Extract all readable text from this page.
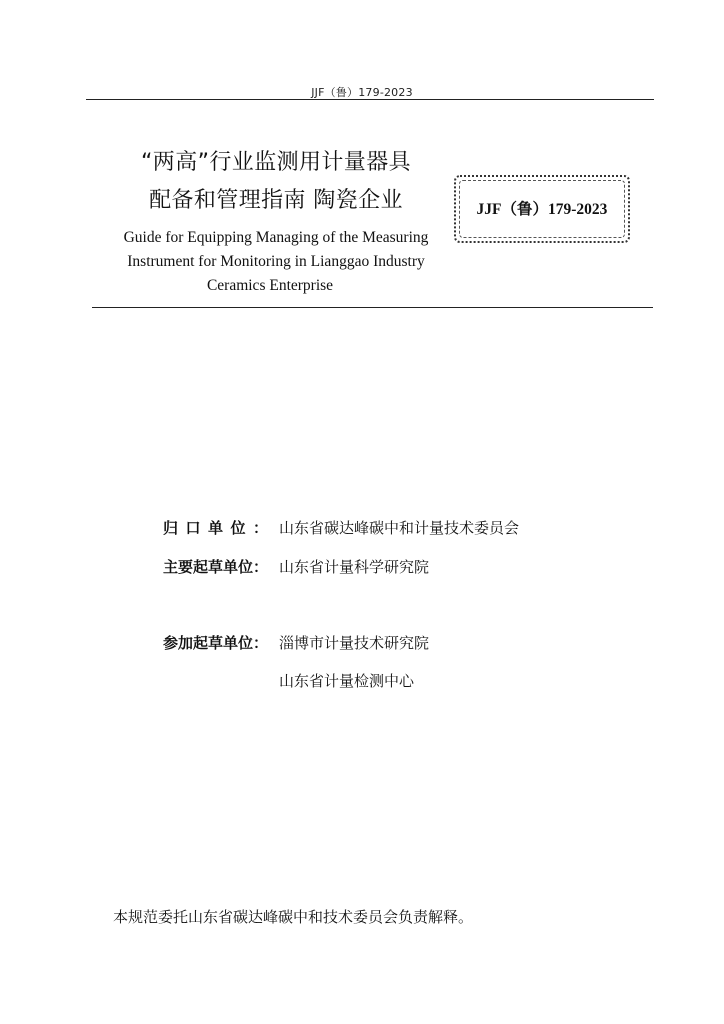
JJF（鲁）179-2023
“两高”行业监测用计量器具
配备和管理指南 陶瓷企业
Guide for Equipping Managing of the Measuring
Instrument for Monitoring in Lianggao Industry
Ceramics Enterprise
JJF（鲁）179-2023
归口单位： 山东省碳达峰碳中和计量技术委员会
主要起草单位： 山东省计量科学研究院
参加起草单位： 淄博市计量技术研究院
山东省计量检测中心
本规范委托山东省碳达峰碳中和技术委员会负责解释。
